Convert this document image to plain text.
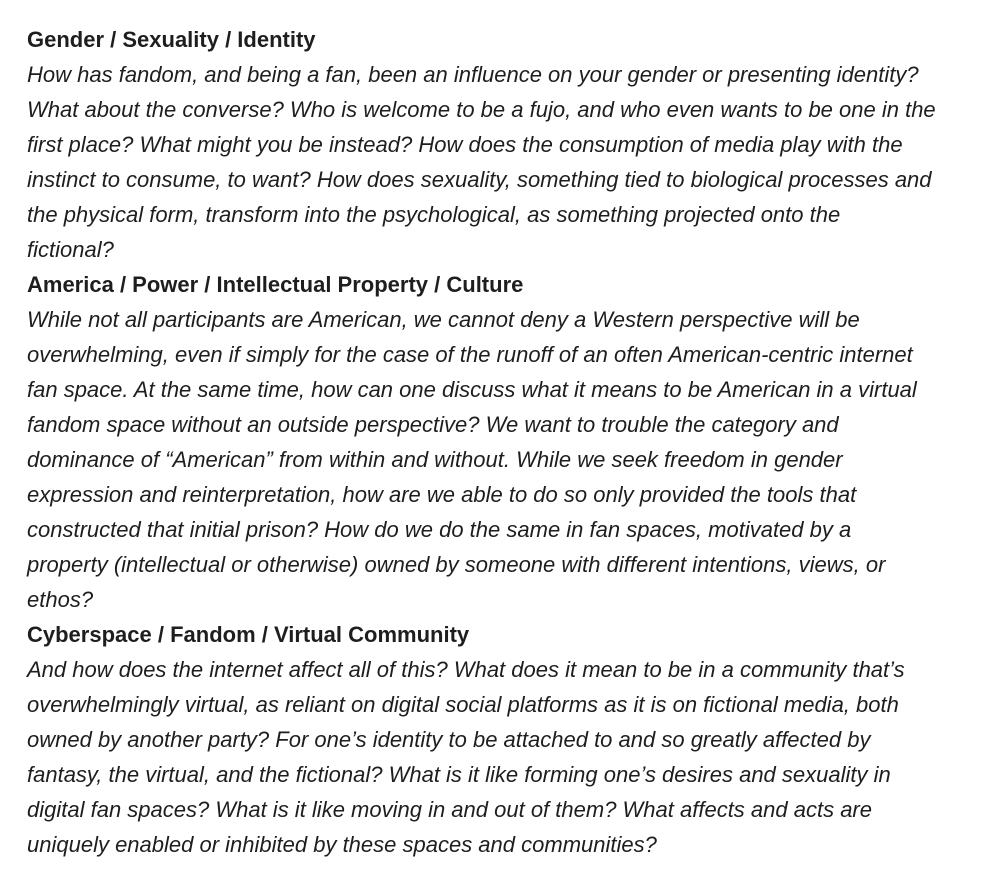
Gender / Sexuality / Identity

How has fandom, and being a fan, been an influence on your gender or presenting identity?
What about the converse? Who is welcome to be a fujo, and who even wants to be one in the
first place? What might you be instead? How does the consumption of media play with the
instinct to consume, to want? How does sexuality, something tied to biological processes and
the physical form, transform into the psychological, as something projected onto the
fictional?

America / Power / Intellectual Property / Culture

While not all participants are American, we cannot deny a Western perspective will be
overwhelming, even if simply for the case of the runoff of an often American-centric internet
fan space. At the same time, how can one discuss what it means to be American in a virtual
fandom space without an outside perspective? We want to trouble the category and
dominance of “American” from within and without. While we seek freedom in gender
expression and reinterpretation, how are we able to do so only provided the tools that
constructed that initial prison? How do we do the same in fan spaces, motivated by a
property (intellectual or otherwise) owned by someone with different intentions, views, or
ethos?

Cyberspace / Fandom / Virtual Community

And how does the internet affect all of this? What does it mean to be in a community that’s
overwhelmingly virtual, as reliant on digital social platforms as it is on fictional media, both
owned by another party? For one’s identity to be attached to and so greatly affected by
fantasy, the virtual, and the fictional? What is it like forming one’s desires and sexuality in
digital fan spaces? What is it like moving in and out of them? What affects and acts are
uniquely enabled or inhibited by these spaces and communities?
